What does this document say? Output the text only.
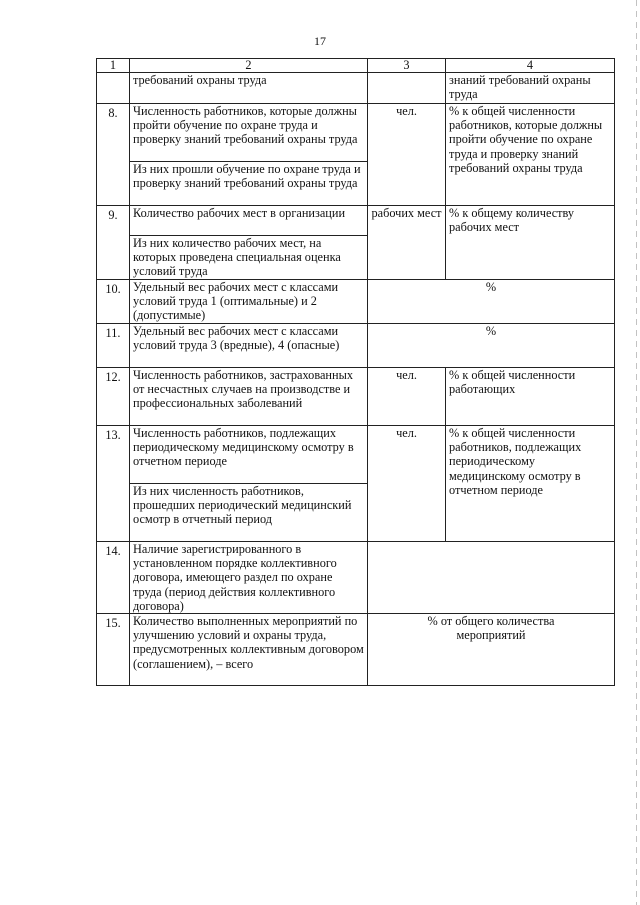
17
1	2	3	4
	требований охраны труда		знаний требований охраны труда
8.	Численность работников, которые должны пройти обучение по охране труда и проверку знаний требований охраны труда	чел.	% к общей численности работников, которые должны пройти обучение по охране труда и проверку знаний требований охраны труда
	Из них прошли обучение по охране труда и проверку знаний требований охраны труда		
9.	Количество рабочих мест в организации	рабочих мест	% к общему количеству рабочих мест
	Из них количество рабочих мест, на которых проведена специальная оценка условий труда		
10.	Удельный вес рабочих мест с классами условий труда 1 (оптимальные) и 2 (допустимые)	%	
11.	Удельный вес рабочих мест с классами условий труда 3 (вредные), 4 (опасные)	%	
12.	Численность работников, застрахованных от несчастных случаев на производстве и профессиональных заболеваний	чел.	% к общей численности работающих
13.	Численность работников, подлежащих периодическому медицинскому осмотру в отчетном периоде	чел.	% к общей численности работников, подлежащих периодическому медицинскому осмотру в отчетном периоде
	Из них численность работников, прошедших периодический медицинский осмотр в отчетный период		
14.	Наличие зарегистрированного в установленном порядке коллективного договора, имеющего раздел по охране труда (период действия коллективного договора)		
15.	Количество выполненных мероприятий по улучшению условий и охраны труда, предусмотренных коллективным договором (соглашением), – всего	% от общего количества мероприятий	
